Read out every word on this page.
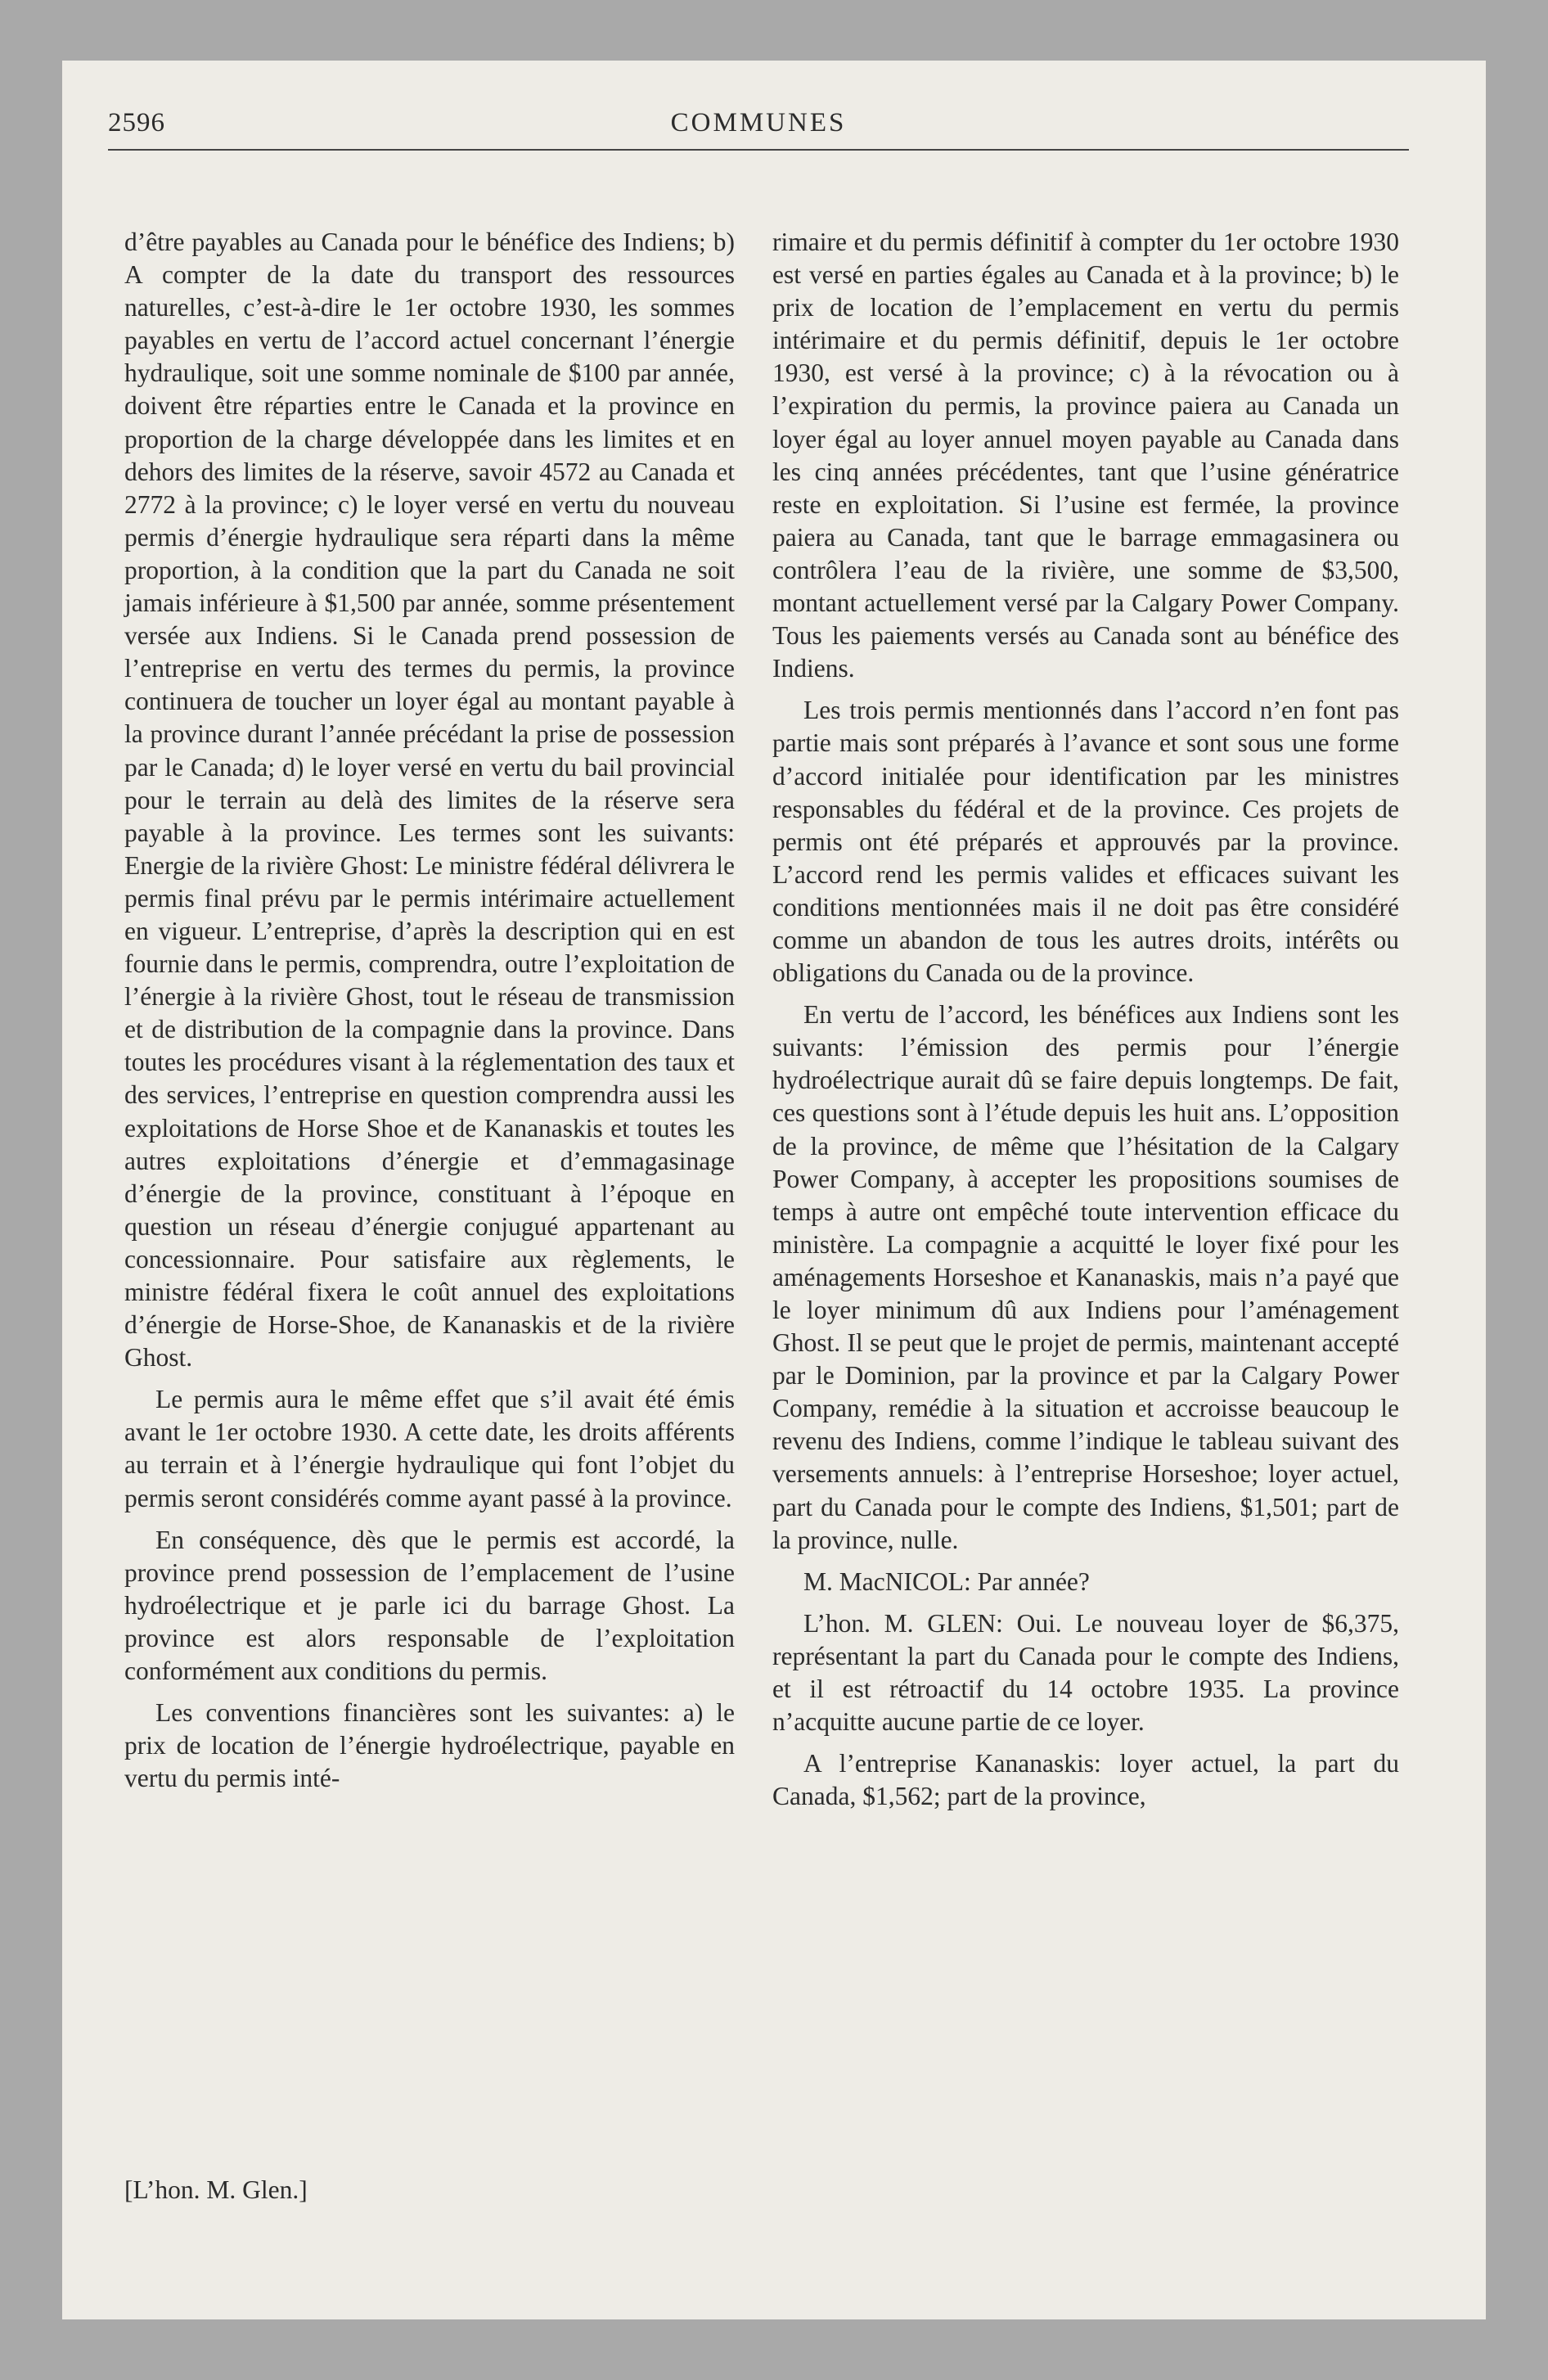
2596	COMMUNES

d’être payables au Canada pour le bénéfice des Indiens; b) A compter de la date du transport des ressources naturelles, c’est-à-dire le 1er octobre 1930, les sommes payables en vertu de l’accord actuel concernant l’énergie hydraulique, soit une somme nominale de $100 par année, doivent être réparties entre le Canada et la province en proportion de la charge développée dans les limites et en dehors des limites de la réserve, savoir 4572 au Canada et 2772 à la province; c) le loyer versé en vertu du nouveau permis d’énergie hydraulique sera réparti dans la même proportion, à la condition que la part du Canada ne soit jamais inférieure à $1,500 par année, somme présentement versée aux Indiens. Si le Canada prend possession de l’entreprise en vertu des termes du permis, la province continuera de toucher un loyer égal au montant payable à la province durant l’année précédant la prise de possession par le Canada; d) le loyer versé en vertu du bail provincial pour le terrain au delà des limites de la réserve sera payable à la province. Les termes sont les suivants: Energie de la rivière Ghost: Le ministre fédéral délivrera le permis final prévu par le permis intérimaire actuellement en vigueur. L’entreprise, d’après la description qui en est fournie dans le permis, comprendra, outre l’exploitation de l’énergie à la rivière Ghost, tout le réseau de transmission et de distribution de la compagnie dans la province. Dans toutes les procédures visant à la réglementation des taux et des services, l’entreprise en question comprendra aussi les exploitations de Horse Shoe et de Kananaskis et toutes les autres exploitations d’énergie et d’emmagasinage d’énergie de la province, constituant à l’époque en question un réseau d’énergie conjugué appartenant au concessionnaire. Pour satisfaire aux règlements, le ministre fédéral fixera le coût annuel des exploitations d’énergie de Horse-Shoe, de Kananaskis et de la rivière Ghost.

Le permis aura le même effet que s’il avait été émis avant le 1er octobre 1930. A cette date, les droits afférents au terrain et à l’énergie hydraulique qui font l’objet du permis seront considérés comme ayant passé à la province.

En conséquence, dès que le permis est accordé, la province prend possession de l’emplacement de l’usine hydroélectrique et je parle ici du barrage Ghost. La province est alors responsable de l’exploitation conformément aux conditions du permis.

Les conventions financières sont les suivantes: a) le prix de location de l’énergie hydroélectrique, payable en vertu du permis inté-

rimaire et du permis définitif à compter du 1er octobre 1930 est versé en parties égales au Canada et à la province; b) le prix de location de l’emplacement en vertu du permis intérimaire et du permis définitif, depuis le 1er octobre 1930, est versé à la province; c) à la révocation ou à l’expiration du permis, la province paiera au Canada un loyer égal au loyer annuel moyen payable au Canada dans les cinq années précédentes, tant que l’usine génératrice reste en exploitation. Si l’usine est fermée, la province paiera au Canada, tant que le barrage emmagasinera ou contrôlera l’eau de la rivière, une somme de $3,500, montant actuellement versé par la Calgary Power Company. Tous les paiements versés au Canada sont au bénéfice des Indiens.

Les trois permis mentionnés dans l’accord n’en font pas partie mais sont préparés à l’avance et sont sous une forme d’accord initialée pour identification par les ministres responsables du fédéral et de la province. Ces projets de permis ont été préparés et approuvés par la province. L’accord rend les permis valides et efficaces suivant les conditions mentionnées mais il ne doit pas être considéré comme un abandon de tous les autres droits, intérêts ou obligations du Canada ou de la province.

En vertu de l’accord, les bénéfices aux Indiens sont les suivants: l’émission des permis pour l’énergie hydroélectrique aurait dû se faire depuis longtemps. De fait, ces questions sont à l’étude depuis les huit ans. L’opposition de la province, de même que l’hésitation de la Calgary Power Company, à accepter les propositions soumises de temps à autre ont empêché toute intervention efficace du ministère. La compagnie a acquitté le loyer fixé pour les aménagements Horseshoe et Kananaskis, mais n’a payé que le loyer minimum dû aux Indiens pour l’aménagement Ghost. Il se peut que le projet de permis, maintenant accepté par le Dominion, par la province et par la Calgary Power Company, remédie à la situation et accroisse beaucoup le revenu des Indiens, comme l’indique le tableau suivant des versements annuels: à l’entreprise Horseshoe; loyer actuel, part du Canada pour le compte des Indiens, $1,501; part de la province, nulle.

M. MacNICOL: Par année?

L’hon. M. GLEN: Oui. Le nouveau loyer de $6,375, représentant la part du Canada pour le compte des Indiens, et il est rétroactif du 14 octobre 1935. La province n’acquitte aucune partie de ce loyer.

A l’entreprise Kananaskis: loyer actuel, la part du Canada, $1,562; part de la province,

[L’hon. M. Glen.]
